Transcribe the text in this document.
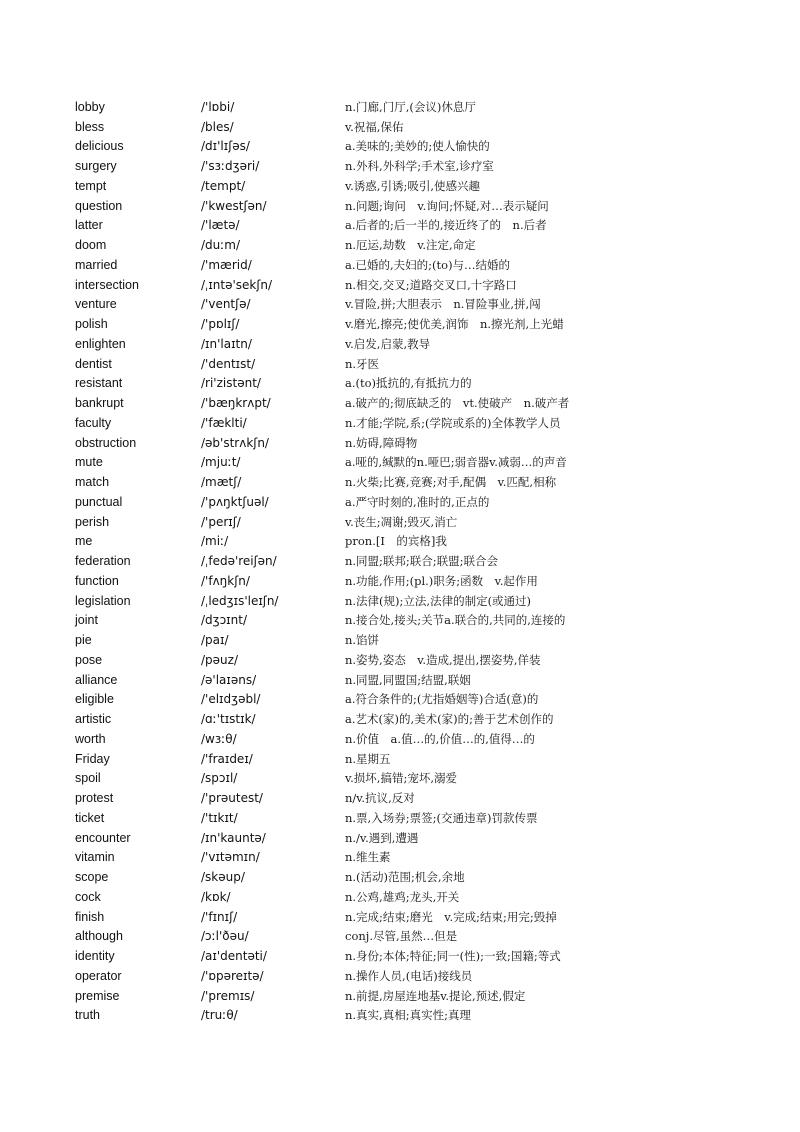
lobby	/'lɒbi/	n.门廊,门厅,(会议)休息厅
bless	/bles/	v.祝福,保佑
delicious	/dɪ'lɪʃəs/	a.美味的;美妙的;使人愉快的
surgery	/'sɜːdʒəri/	n.外科,外科学;手术室,诊疗室
tempt	/tempt/	v.诱惑,引诱;吸引,使感兴趣
question	/'kwestʃən/	n.问题;询问　v.询问;怀疑,对…表示疑问
latter	/'lætə/	a.后者的;后一半的,接近终了的　n.后者
doom	/duːm/	n.厄运,劫数　v.注定,命定
married	/'mærid/	a.已婚的,夫妇的;(to)与…结婚的
intersection	/ˌɪntə'sekʃn/	n.相交,交叉;道路交叉口,十字路口
venture	/'ventʃə/	v.冒险,拼;大胆表示　n.冒险事业,拼,闯
polish	/'pɒlɪʃ/	v.磨光,擦亮;使优美,润饰　n.擦光剂,上光蜡
enlighten	/ɪn'laɪtn/	v.启发,启蒙,教导
dentist	/'dentɪst/	n.牙医
resistant	/ri'zistənt/	a.(to)抵抗的,有抵抗力的
bankrupt	/'bæŋkrʌpt/	a.破产的;彻底缺乏的　vt.使破产　n.破产者
faculty	/'fækltі/	n.才能;学院,系;(学院或系的)全体教学人员
obstruction	/əb'strʌkʃn/	n.妨碍,障碍物
mute	/mjuːt/	a.哑的,缄默的n.哑巴;弱音器v.减弱…的声音
match	/mætʃ/	n.火柴;比赛,竞赛;对手,配偶　v.匹配,相称
punctual	/'pʌŋktʃuəl/	a.严守时刻的,准时的,正点的
perish	/'perɪʃ/	v.丧生;凋谢;毁灭,消亡
me	/miː/	pron.[I　的宾格]我
federation	/ˌfedə'reiʃən/	n.同盟;联邦;联合;联盟;联合会
function	/'fʌŋkʃn/	n.功能,作用;(pl.)职务;函数　v.起作用
legislation	/ˌledʒɪs'leɪʃn/	n.法律(规);立法,法律的制定(或通过)
joint	/dʒɔɪnt/	n.接合处,接头;关节a.联合的,共同的,连接的
pie	/paɪ/	n.馅饼
pose	/pəuz/	n.姿势,姿态　v.造成,提出,摆姿势,佯装
alliance	/ə'laɪəns/	n.同盟,同盟国;结盟,联姻
eligible	/'elɪdʒəbl/	a.符合条件的;(尤指婚姻等)合适(意)的
artistic	/ɑː'tɪstɪk/	a.艺术(家)的,美术(家)的;善于艺术创作的
worth	/wɜːθ/	n.价值　a.值…的,价值…的,值得…的
Friday	/'fraɪdeɪ/	n.星期五
spoil	/spɔɪl/	v.损坏,搞错;宠坏,溺爱
protest	/'prəutest/	n/v.抗议,反对
ticket	/'tɪkɪt/	n.票,入场券;票签;(交通违章)罚款传票
encounter	/ɪn'kauntə/	n./v.遇到,遭遇
vitamin	/'vɪtəmɪn/	n.维生素
scope	/skəup/	n.(活动)范围;机会,余地
cock	/kɒk/	n.公鸡,雄鸡;龙头,开关
finish	/'fɪnɪʃ/	n.完成;结束;磨光　v.完成;结束;用完;毁掉
although	/ɔːl'ðəu/	conj.尽管,虽然…但是
identity	/aɪ'dentəti/	n.身份;本体;特征;同一(性);一致;国籍;等式
operator	/'ɒpəreɪtə/	n.操作人员,(电话)接线员
premise	/'premɪs/	n.前提,房屋连地基v.提论,预述,假定
truth	/truːθ/	n.真实,真相;真实性;真理
